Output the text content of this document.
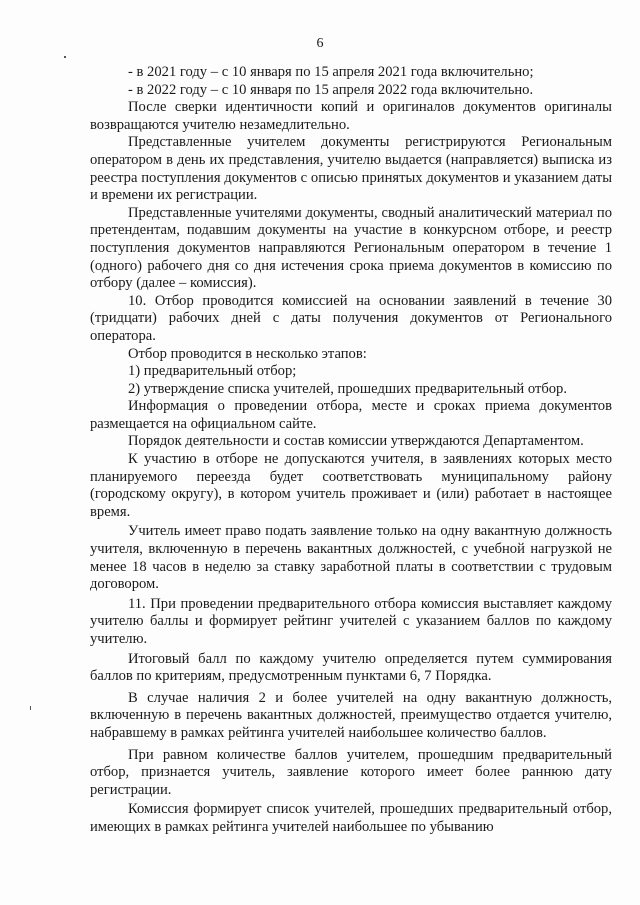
6

- в 2021 году – с 10 января по 15 апреля 2021 года включительно;

- в 2022 году – с 10 января по 15 апреля 2022 года включительно.

После сверки идентичности копий и оригиналов документов оригиналы возвращаются учителю незамедлительно.

Представленные учителем документы регистрируются Региональным оператором в день их представления, учителю выдается (направляется) выписка из реестра поступления документов с описью принятых документов и указанием даты и времени их регистрации.

Представленные учителями документы, сводный аналитический материал по претендентам, подавшим документы на участие в конкурсном отборе, и реестр поступления документов направляются Региональным оператором в течение 1 (одного) рабочего дня со дня истечения срока приема документов в комиссию по отбору (далее – комиссия).

10. Отбор проводится комиссией на основании заявлений в течение 30 (тридцати) рабочих дней с даты получения документов от Регионального оператора.

Отбор проводится в несколько этапов:

1) предварительный отбор;

2) утверждение списка учителей, прошедших предварительный отбор.

Информация о проведении отбора, месте и сроках приема документов размещается на официальном сайте.

Порядок деятельности и состав комиссии утверждаются Департаментом.

К участию в отборе не допускаются учителя, в заявлениях которых место планируемого переезда будет соответствовать муниципальному району (городскому округу), в котором учитель проживает и (или) работает в настоящее время.

Учитель имеет право подать заявление только на одну вакантную должность учителя, включенную в перечень вакантных должностей, с учебной нагрузкой не менее 18 часов в неделю за ставку заработной платы в соответствии с трудовым договором.

11. При проведении предварительного отбора комиссия выставляет каждому учителю баллы и формирует рейтинг учителей с указанием баллов по каждому учителю.

Итоговый балл по каждому учителю определяется путем суммирования баллов по критериям, предусмотренным пунктами 6, 7 Порядка.

В случае наличия 2 и более учителей на одну вакантную должность, включенную в перечень вакантных должностей, преимущество отдается учителю, набравшему в рамках рейтинга учителей наибольшее количество баллов.

При равном количестве баллов учителем, прошедшим предварительный отбор, признается учитель, заявление которого имеет более раннюю дату регистрации.

Комиссия формирует список учителей, прошедших предварительный отбор, имеющих в рамках рейтинга учителей наибольшее по убыванию
